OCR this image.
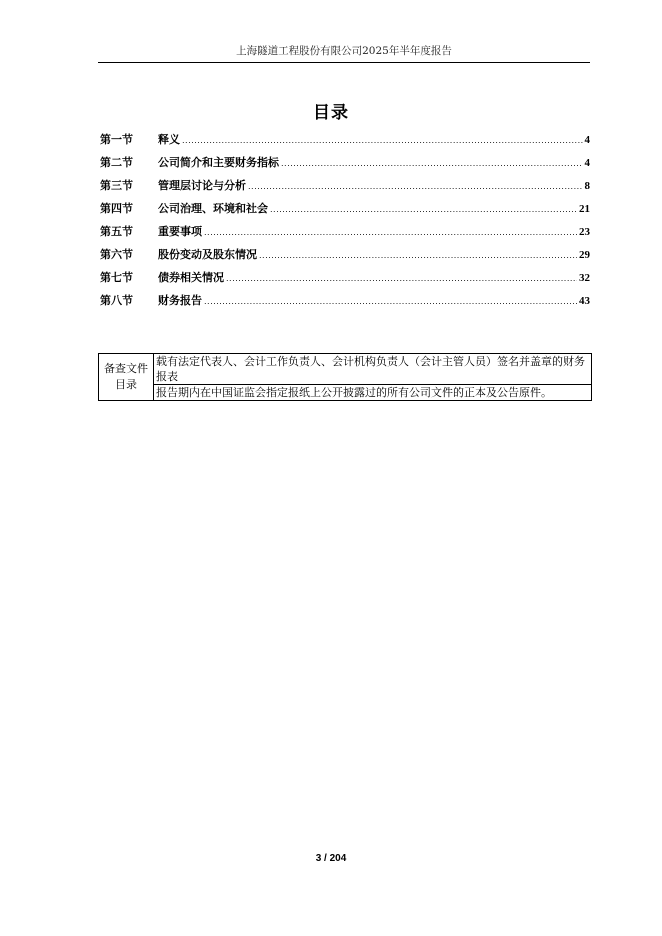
上海隧道工程股份有限公司2025年半年度报告
目录
第一节	释义 .....	4
第二节	公司简介和主要财务指标 .....	4
第三节	管理层讨论与分析 .....	8
第四节	公司治理、环境和社会 .....	21
第五节	重要事项 .....	23
第六节	股份变动及股东情况 .....	29
第七节	债券相关情况 .....	32
第八节	财务报告 .....	43
备查文件目录	载有法定代表人、会计工作负责人、会计机构负责人（会计主管人员）签名并盖章的财务报表
报告期内在中国证监会指定报纸上公开披露过的所有公司文件的正本及公告原件。
3 / 204
